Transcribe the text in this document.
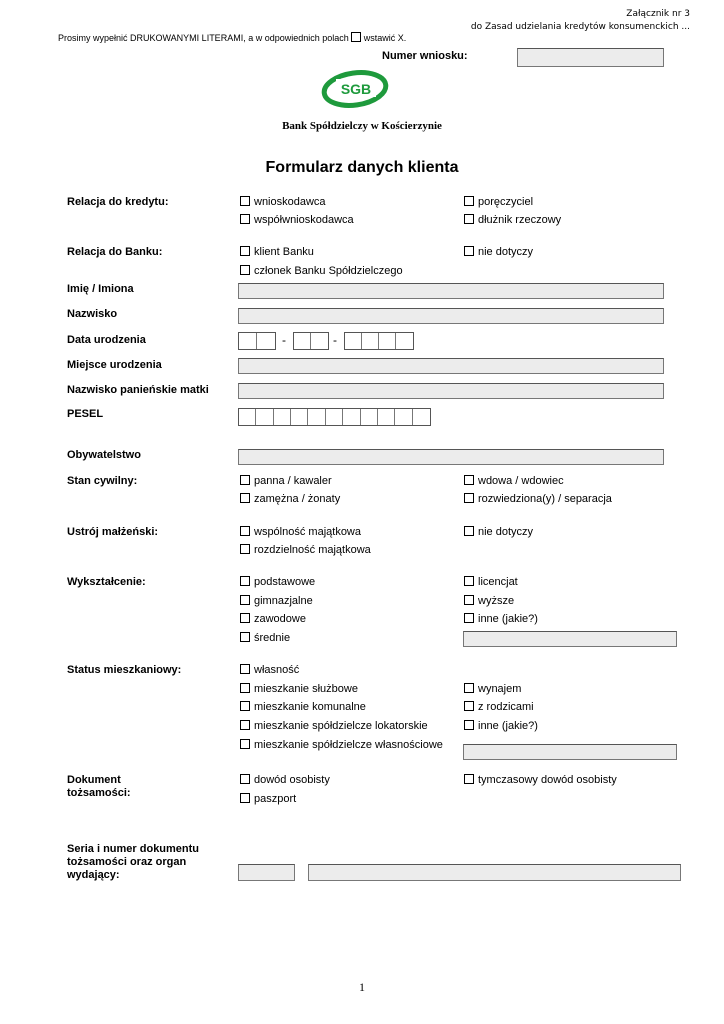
Załącznik nr 3
do Zasad udzielania kredytów konsumenckich ...
Prosimy wypełnić DRUKOWANYMI LITERAMI, a w odpowiednich polach wstawić X.
Numer wniosku:
SGB
Bank Spółdzielczy w Kościerzynie
Formularz danych klienta
Relacja do kredytu:	wnioskodawca
współwnioskodawca
poręczyciel
dłużnik rzeczowy
Relacja do Banku:	klient Banku
członek Banku Spółdzielczego
nie dotyczy
Imię / Imiona
Nazwisko
Data urodzenia	-	-
Miejsce urodzenia
Nazwisko panieńskie matki
PESEL
Obywatelstwo
Stan cywilny:	panna / kawaler
zamężna / żonaty
wdowa / wdowiec
rozwiedziona(y) / separacja
Ustrój małżeński:	wspólność majątkowa
rozdzielność majątkowa
nie dotyczy
Wykształcenie:	podstawowe
gimnazjalne
zawodowe
średnie
licencjat
wyższe
inne (jakie?)
Status mieszkaniowy:	własność
mieszkanie służbowe
mieszkanie komunalne
mieszkanie spółdzielcze lokatorskie
mieszkanie spółdzielcze własnościowe
wynajem
z rodzicami
inne (jakie?)
Dokument
tożsamości:
dowód osobisty
paszport
tymczasowy dowód osobisty
Seria i numer dokumentu
tożsamości oraz organ
wydający:
1
